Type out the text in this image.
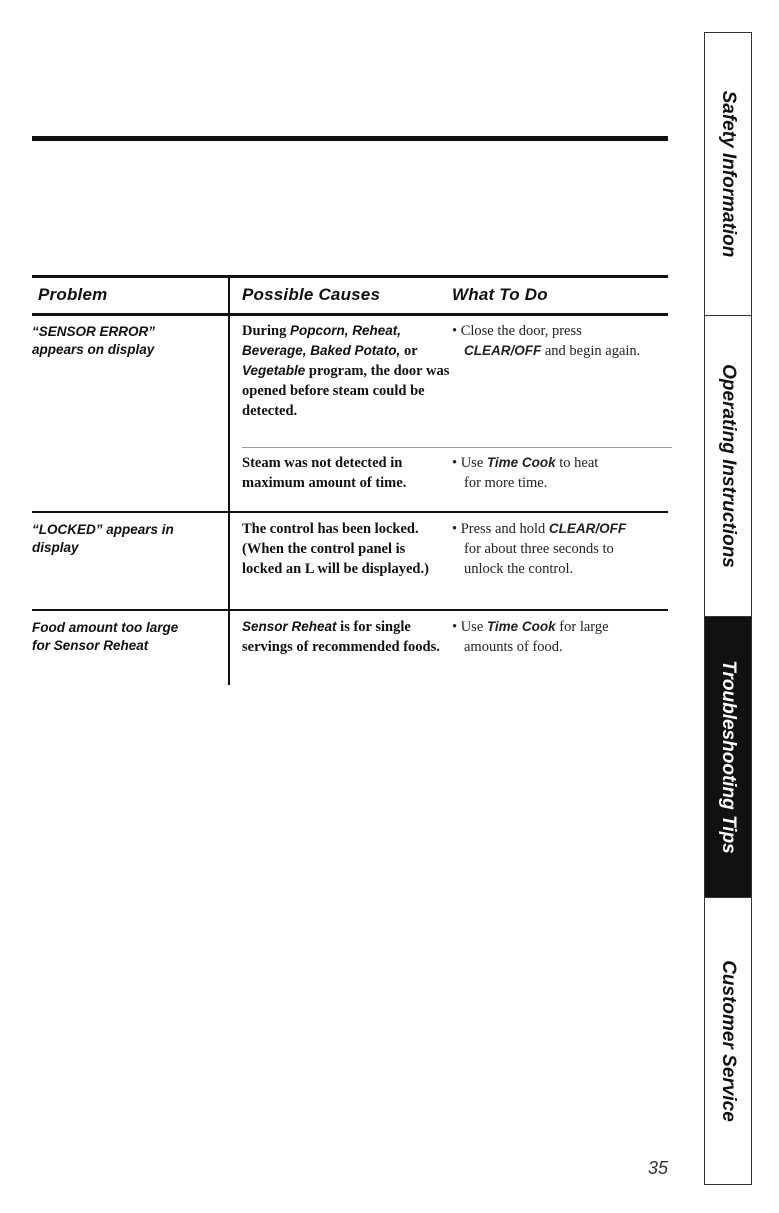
Problem	Possible Causes	What To Do
“SENSOR ERROR”
appears on display
During Popcorn, Reheat, Beverage, Baked Potato, or Vegetable program, the door was opened before steam could be detected.
• Close the door, press
CLEAR/OFF and begin again.
Steam was not detected in maximum amount of time.
• Use Time Cook to heat
for more time.
“LOCKED” appears in
display
The control has been locked. (When the control panel is locked an L will be displayed.)
• Press and hold CLEAR/OFF
for about three seconds to
unlock the control.
Food amount too large
for Sensor Reheat
Sensor Reheat is for single servings of recommended foods.
• Use Time Cook for large
amounts of food.
Safety Information
Operating Instructions
Troubleshooting Tips
Customer Service
35
